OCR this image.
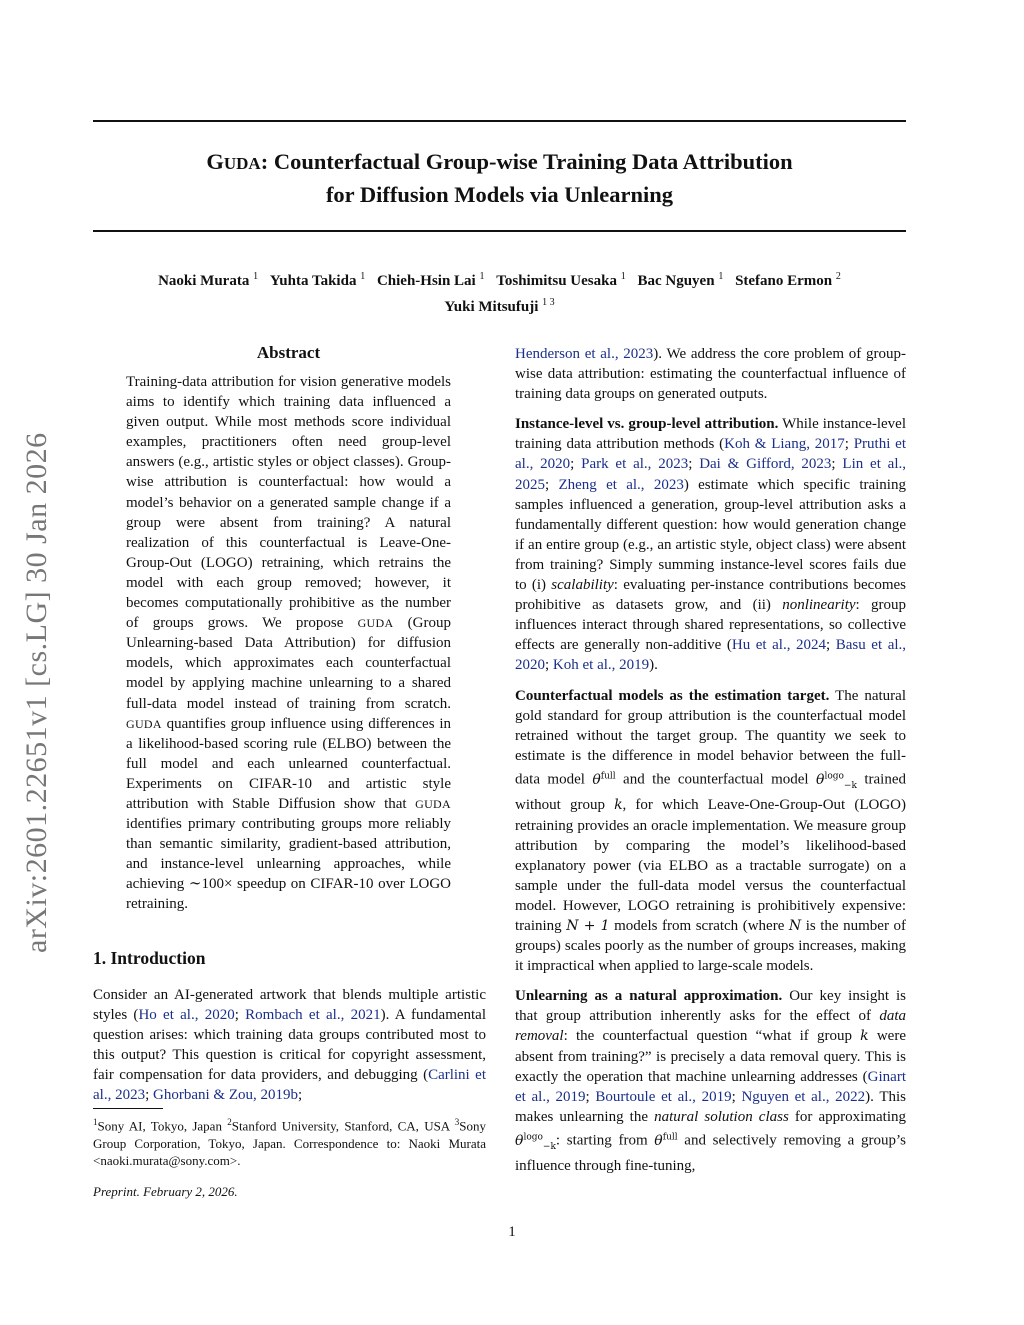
GUDA: Counterfactual Group-wise Training Data Attribution
for Diffusion Models via Unlearning
Naoki Murata $^1$ Yuhta Takida $^1$ Chieh-Hsin Lai $^1$ Toshimitsu Uesaka $^1$ Bac Nguyen $^1$ Stefano Ermon $^2$
Yuki Mitsufuji $^{1 3}$
arXiv:2601.22651v1 [cs.LG] 30 Jan 2026
Abstract

Training-data attribution for vision generative models aims to identify which training data influenced a given output. While most methods score individual examples, practitioners often need group-level answers (e.g., artistic styles or object classes). Group-wise attribution is counterfactual: how would a model’s behavior on a generated sample change if a group were absent from training? A natural realization of this counterfactual is Leave-One-Group-Out (LOGO) retraining, which retrains the model with each group removed; however, it becomes computationally prohibitive as the number of groups grows. We propose GUDA (Group Unlearning-based Data Attribution) for diffusion models, which approximates each counterfactual model by applying machine unlearning to a shared full-data model instead of training from scratch. GUDA quantifies group influence using differences in a likelihood-based scoring rule (ELBO) between the full model and each unlearned counterfactual. Experiments on CIFAR-10 and artistic style attribution with Stable Diffusion show that GUDA identifies primary contributing groups more reliably than semantic similarity, gradient-based attribution, and instance-level unlearning approaches, while achieving ∼100× speedup on CIFAR-10 over LOGO retraining.

1. Introduction

Consider an AI-generated artwork that blends multiple artistic styles (Ho et al., 2020; Rombach et al., 2021). A fundamental question arises: which training data groups contributed most to this output? This question is critical for copyright assessment, fair compensation for data providers, and debugging (Carlini et al., 2023; Ghorbani & Zou, 2019b;

$^1$Sony AI, Tokyo, Japan $^2$Stanford University, Stanford, CA, USA $^3$Sony Group Corporation, Tokyo, Japan. Correspondence to: Naoki Murata <naoki.murata@sony.com>.
Preprint. February 2, 2026.

Henderson et al., 2023). We address the core problem of group-wise data attribution: estimating the counterfactual influence of training data groups on generated outputs.

Instance-level vs. group-level attribution. While instance-level training data attribution methods (Koh & Liang, 2017; Pruthi et al., 2020; Park et al., 2023; Dai & Gifford, 2023; Lin et al., 2025; Zheng et al., 2023) estimate which specific training samples influenced a generation, group-level attribution asks a fundamentally different question: how would generation change if an entire group (e.g., an artistic style, object class) were absent from training? Simply summing instance-level scores fails due to (i) scalability: evaluating per-instance contributions becomes prohibitive as datasets grow, and (ii) nonlinearity: group influences interact through shared representations, so collective effects are generally non-additive (Hu et al., 2024; Basu et al., 2020; Koh et al., 2019).

Counterfactual models as the estimation target. The natural gold standard for group attribution is the counterfactual model retrained without the target group. The quantity we seek to estimate is the difference in model behavior between the full-data model $\theta^{full}$ and the counterfactual model $\theta^{logo}_{-k}$ trained without group k, for which Leave-One-Group-Out (LOGO) retraining provides an oracle implementation. We measure group attribution by comparing the model’s likelihood-based explanatory power (via ELBO as a tractable surrogate) on a sample under the full-data model versus the counterfactual model. However, LOGO retraining is prohibitively expensive: training N + 1 models from scratch (where N is the number of groups) scales poorly as the number of groups increases, making it impractical when applied to large-scale models.

Unlearning as a natural approximation. Our key insight is that group attribution inherently asks for the effect of data removal: the counterfactual question “what if group k were absent from training?” is precisely a data removal query. This is exactly the operation that machine unlearning addresses (Ginart et al., 2019; Bourtoule et al., 2019; Nguyen et al., 2022). This makes unlearning the natural solution class for approximating $\theta^{logo}_{-k}$: starting from $\theta^{full}$ and selectively removing a group’s influence through fine-tuning,

1
